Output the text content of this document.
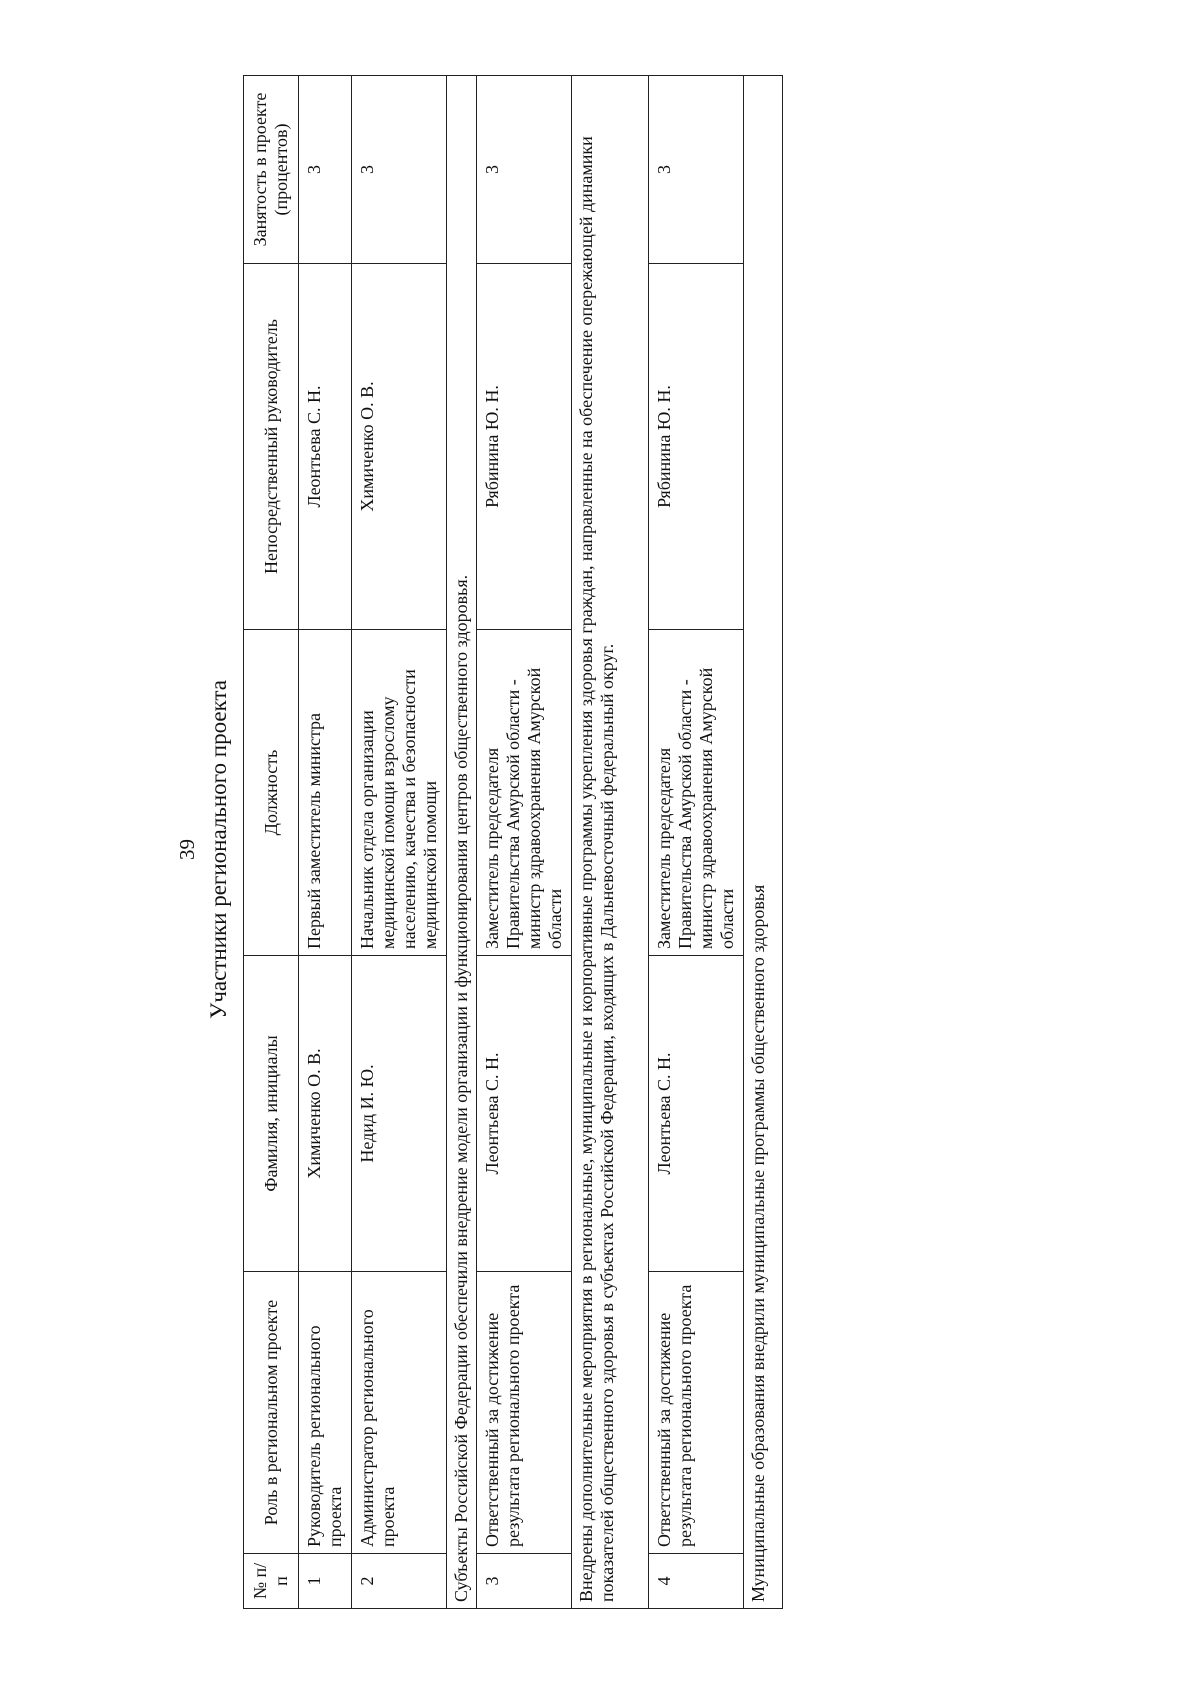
39 Участники регионального проекта
№ п/п	Роль в региональном проекте	Фамилия, инициалы	Должность	Непосредственный руководитель	Занятость в проекте (процентов)
1	Руководитель регионального проекта	Химиченко О. В.	Первый заместитель министра	Леонтьева С. Н.	3
2	Администратор регионального проекта	Недид И. Ю.	Начальник отдела организации медицинской помощи взрослому населению, качества и безопасности медицинской помощи	Химиченко О. В.	3
Субъекты Российской Федерации обеспечили внедрение модели организации и функционирования центров общественного здоровья.					
3	Ответственный за достижение результата регионального проекта	Леонтьева С. Н.	Заместитель председателя Правительства Амурской области - министр здравоохранения Амурской области	Рябинина Ю. Н.	3
Внедрены дополнительные мероприятия в региональные, муниципальные и корпоративные программы укрепления здоровья граждан, направленные на обеспечение опережающей динамики показателей общественного здоровья в субъектах Российской Федерации, входящих в Дальневосточный федеральный округ.					
4	Ответственный за достижение результата регионального проекта	Леонтьева С. Н.	Заместитель председателя Правительства Амурской области - министр здравоохранения Амурской области	Рябинина Ю. Н.	3
Муниципальные образования внедрили муниципальные программы общественного здоровья					
